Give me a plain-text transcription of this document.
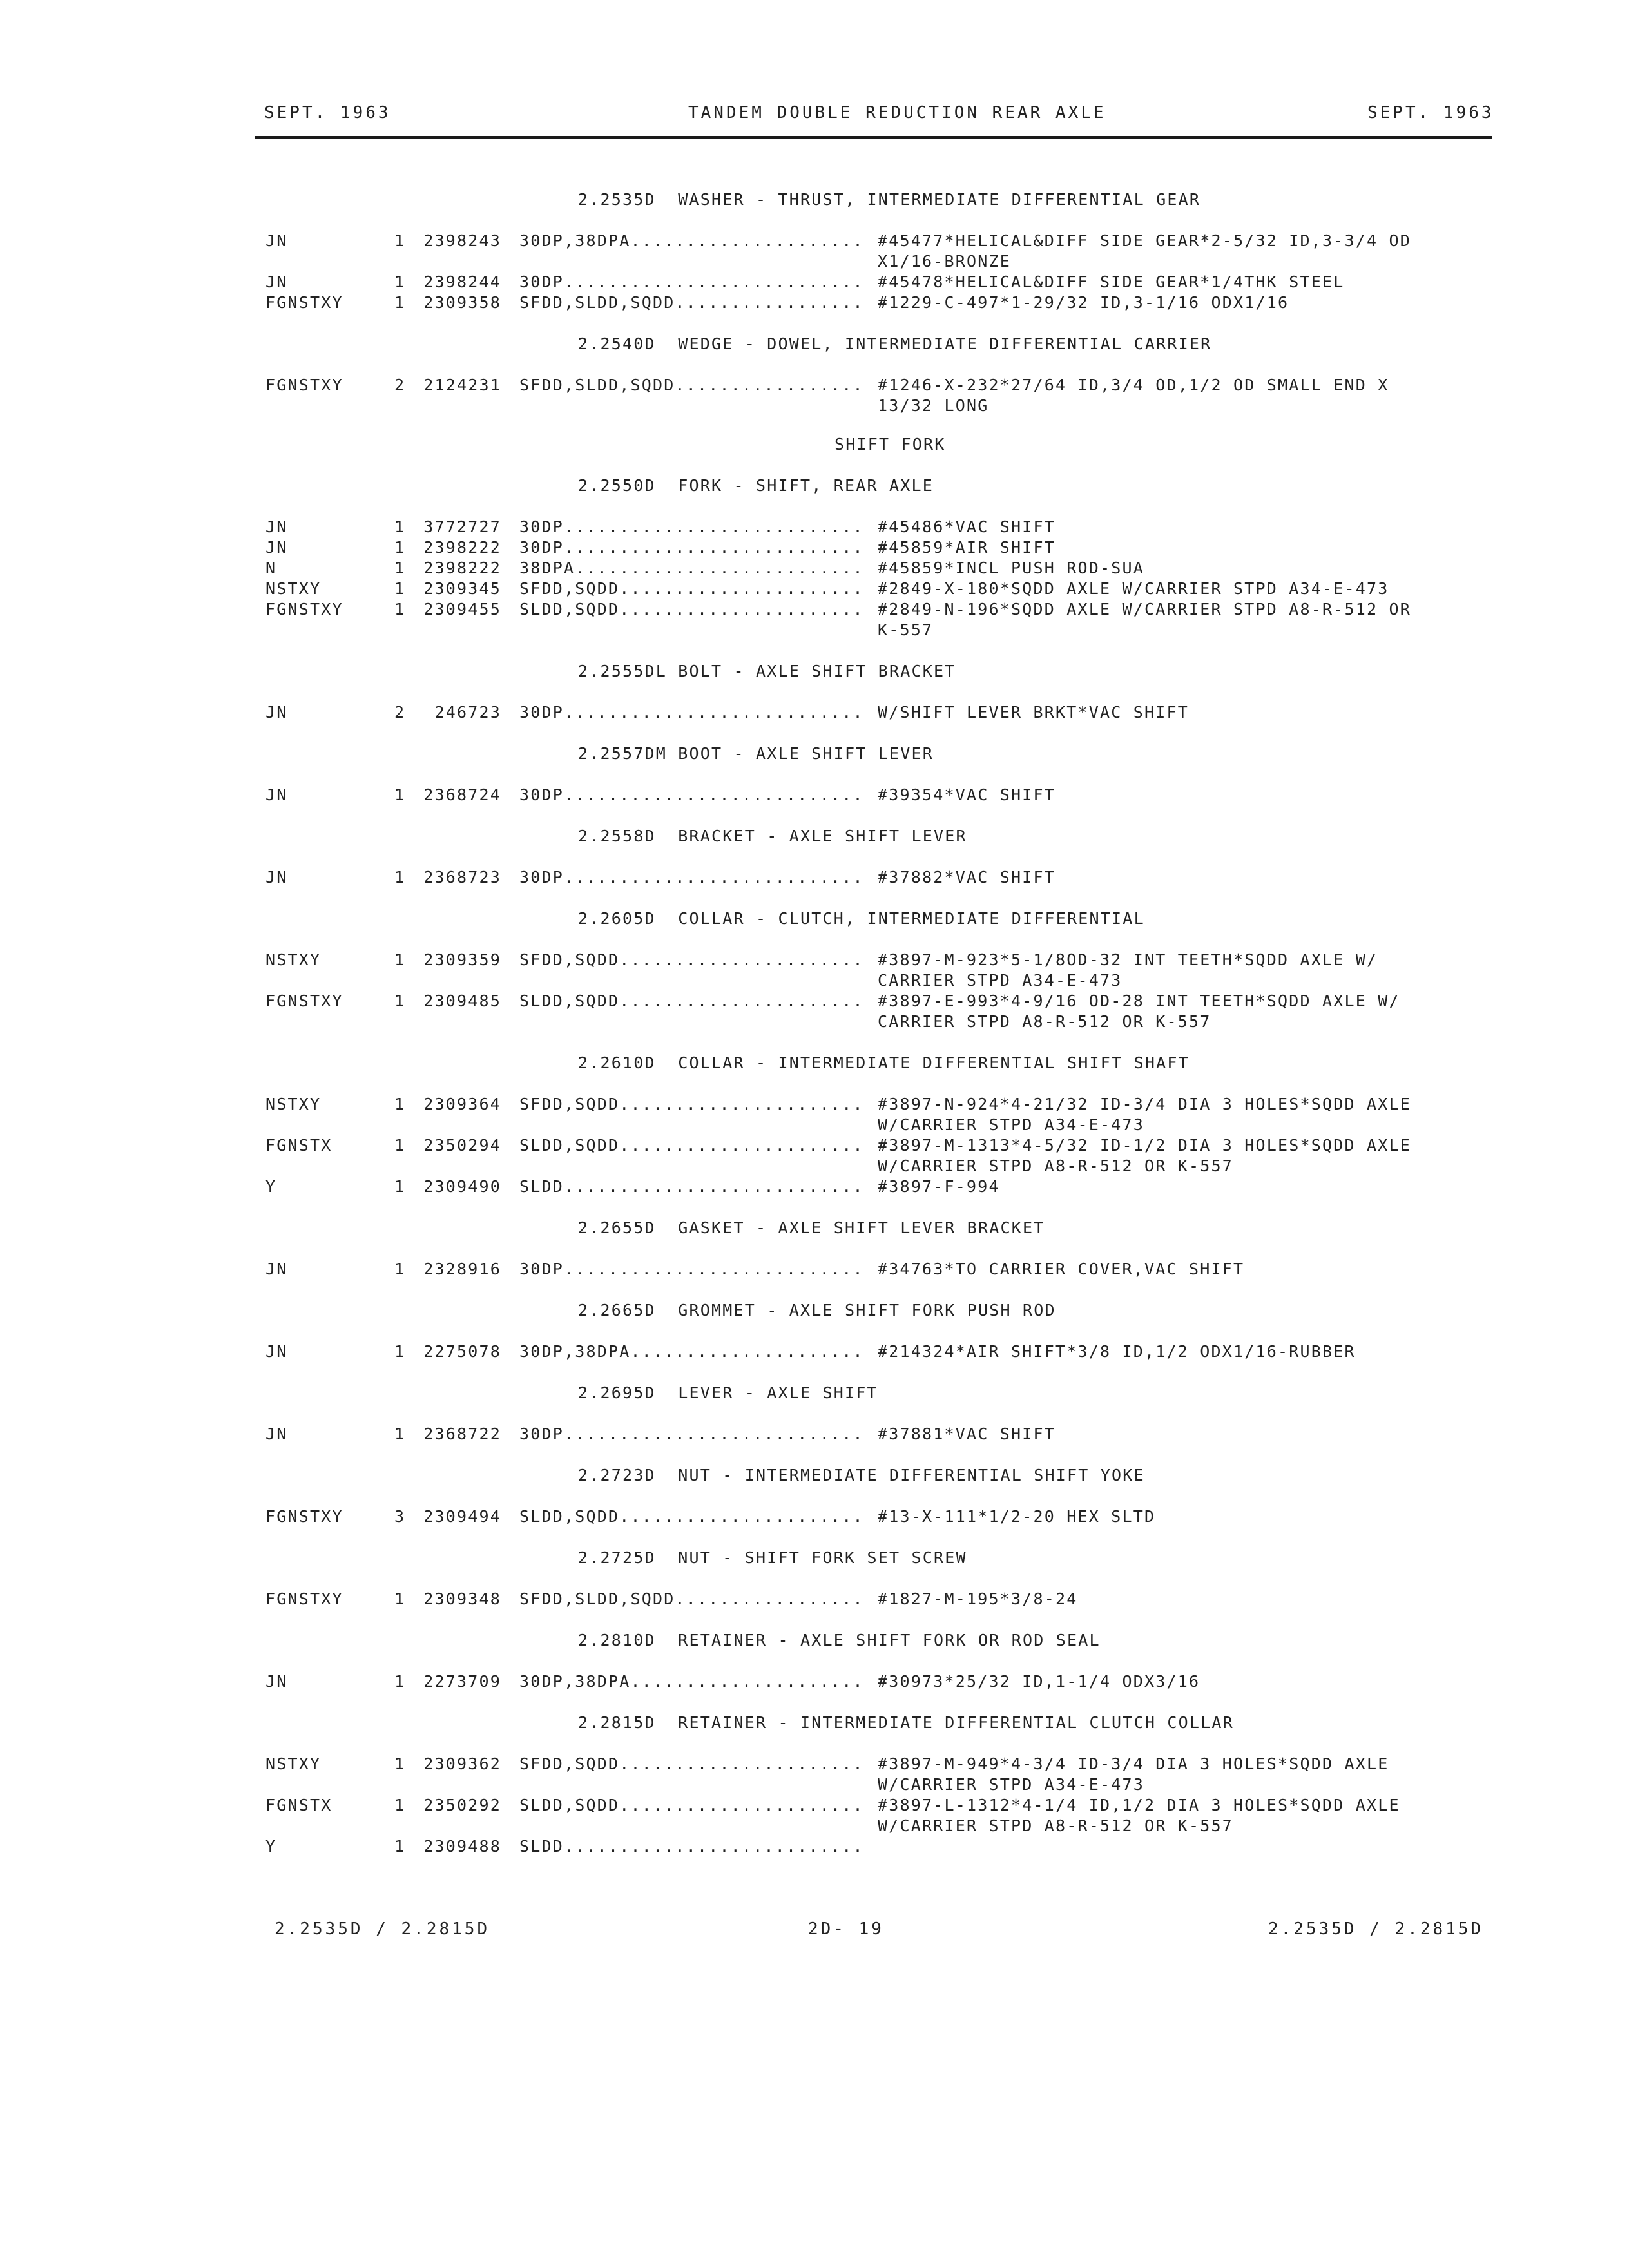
SEPT. 1963	TANDEM DOUBLE REDUCTION REAR AXLE	SEPT. 1963
2.2535D  WASHER - THRUST, INTERMEDIATE DIFFERENTIAL GEAR
JN	1 2398243 30DP,38DPA..................... #45477*HELICAL&DIFF SIDE GEAR*2-5/32 ID,3-3/4 OD
X1/16-BRONZE
JN	1 2398244 30DP........................... #45478*HELICAL&DIFF SIDE GEAR*1/4THK STEEL
FGNSTXY	1 2309358 SFDD,SLDD,SQDD................. #1229-C-497*1-29/32 ID,3-1/16 ODX1/16
2.2540D  WEDGE - DOWEL, INTERMEDIATE DIFFERENTIAL CARRIER
FGNSTXY	2 2124231 SFDD,SLDD,SQDD................. #1246-X-232*27/64 ID,3/4 OD,1/2 OD SMALL END X
13/32 LONG
SHIFT FORK
2.2550D  FORK - SHIFT, REAR AXLE
JN	1 3772727 30DP........................... #45486*VAC SHIFT
JN	1 2398222 30DP........................... #45859*AIR SHIFT
N	1 2398222 38DPA.......................... #45859*INCL PUSH ROD-SUA
NSTXY	1 2309345 SFDD,SQDD...................... #2849-X-180*SQDD AXLE W/CARRIER STPD A34-E-473
FGNSTXY	1 2309455 SLDD,SQDD...................... #2849-N-196*SQDD AXLE W/CARRIER STPD A8-R-512 OR
K-557
2.2555DL BOLT - AXLE SHIFT BRACKET
JN	2 246723 30DP........................... W/SHIFT LEVER BRKT*VAC SHIFT
2.2557DM BOOT - AXLE SHIFT LEVER
JN	1 2368724 30DP........................... #39354*VAC SHIFT
2.2558D  BRACKET - AXLE SHIFT LEVER
JN	1 2368723 30DP........................... #37882*VAC SHIFT
2.2605D  COLLAR - CLUTCH, INTERMEDIATE DIFFERENTIAL
NSTXY	1 2309359 SFDD,SQDD...................... #3897-M-923*5-1/8OD-32 INT TEETH*SQDD AXLE W/
CARRIER STPD A34-E-473
FGNSTXY	1 2309485 SLDD,SQDD...................... #3897-E-993*4-9/16 OD-28 INT TEETH*SQDD AXLE W/
CARRIER STPD A8-R-512 OR K-557
2.2610D  COLLAR - INTERMEDIATE DIFFERENTIAL SHIFT SHAFT
NSTXY	1 2309364 SFDD,SQDD...................... #3897-N-924*4-21/32 ID-3/4 DIA 3 HOLES*SQDD AXLE
W/CARRIER STPD A34-E-473
FGNSTX	1 2350294 SLDD,SQDD...................... #3897-M-1313*4-5/32 ID-1/2 DIA 3 HOLES*SQDD AXLE
W/CARRIER STPD A8-R-512 OR K-557
Y	1 2309490 SLDD........................... #3897-F-994
2.2655D  GASKET - AXLE SHIFT LEVER BRACKET
JN	1 2328916 30DP........................... #34763*TO CARRIER COVER,VAC SHIFT
2.2665D  GROMMET - AXLE SHIFT FORK PUSH ROD
JN	1 2275078 30DP,38DPA..................... #214324*AIR SHIFT*3/8 ID,1/2 ODX1/16-RUBBER
2.2695D  LEVER - AXLE SHIFT
JN	1 2368722 30DP........................... #37881*VAC SHIFT
2.2723D  NUT - INTERMEDIATE DIFFERENTIAL SHIFT YOKE
FGNSTXY	3 2309494 SLDD,SQDD...................... #13-X-111*1/2-20 HEX SLTD
2.2725D  NUT - SHIFT FORK SET SCREW
FGNSTXY	1 2309348 SFDD,SLDD,SQDD................. #1827-M-195*3/8-24
2.2810D  RETAINER - AXLE SHIFT FORK OR ROD SEAL
JN	1 2273709 30DP,38DPA..................... #30973*25/32 ID,1-1/4 ODX3/16
2.2815D  RETAINER - INTERMEDIATE DIFFERENTIAL CLUTCH COLLAR
NSTXY	1 2309362 SFDD,SQDD...................... #3897-M-949*4-3/4 ID-3/4 DIA 3 HOLES*SQDD AXLE
W/CARRIER STPD A34-E-473
FGNSTX	1 2350292 SLDD,SQDD...................... #3897-L-1312*4-1/4 ID,1/2 DIA 3 HOLES*SQDD AXLE
W/CARRIER STPD A8-R-512 OR K-557
Y	1 2309488 SLDD...........................
2.2535D / 2.2815D	2D- 19	2.2535D / 2.2815D
